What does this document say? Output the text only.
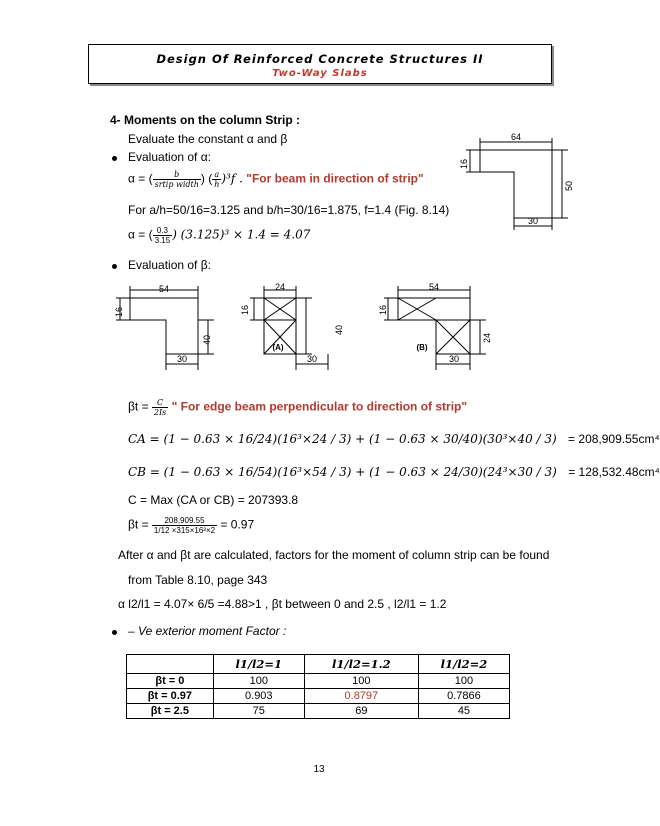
Design Of Reinforced Concrete Structures II
Two-Way Slabs
4- Moments on the column Strip :
Evaluate the constant α and β
Evaluation of α:
α = ( $\frac{b}{\text{srtip width}}$ ) ( $\frac{a}{h} )^3f$ . "For beam in direction of strip"
For a/h=50/16=3.125 and b/h=30/16=1.875, f=1.4 (Fig. 8.14)
α = ( $\frac{0.3}{3.15}$ ) (3.125)³ × 1.4 = 4.07
Evaluation of β:
64
16
50
30
54
16
40
30
24
16
40
30
(A)
54
16
24
30
(B)
$\beta t = \frac{C}{2Is}$ " For edge beam perpendicular to direction of strip"
CA = (1 − 0.63 × 16/24)(16³×24 / 3) + (1 − 0.63 × 30/40)(30³×40 / 3) = 208,909.55cm⁴
CB = (1 − 0.63 × 16/54)(16³×54 / 3) + (1 − 0.63 × 24/30)(24³×30 / 3) = 128,532.48cm⁴
C = Max (CA or CB) = 207393.8
$\beta t = \frac{208,909.55}{\text{1/12 ×315×16³×2}} = 0.97$
After α and βt are calculated, factors for the moment of column strip can be found
from Table 8.10, page 343
α l2/l1 = 4.07× 6/5 =4.88>1 , βt between 0 and 2.5 , l2/l1 = 1.2
– Ve exterior moment Factor :
	l1/l2=1	l1/l2=1.2	l1/l2=2
βt = 0	100	100	100
βt = 0.97	0.903	0.8797	0.7866
βt = 2.5	75	69	45
13
